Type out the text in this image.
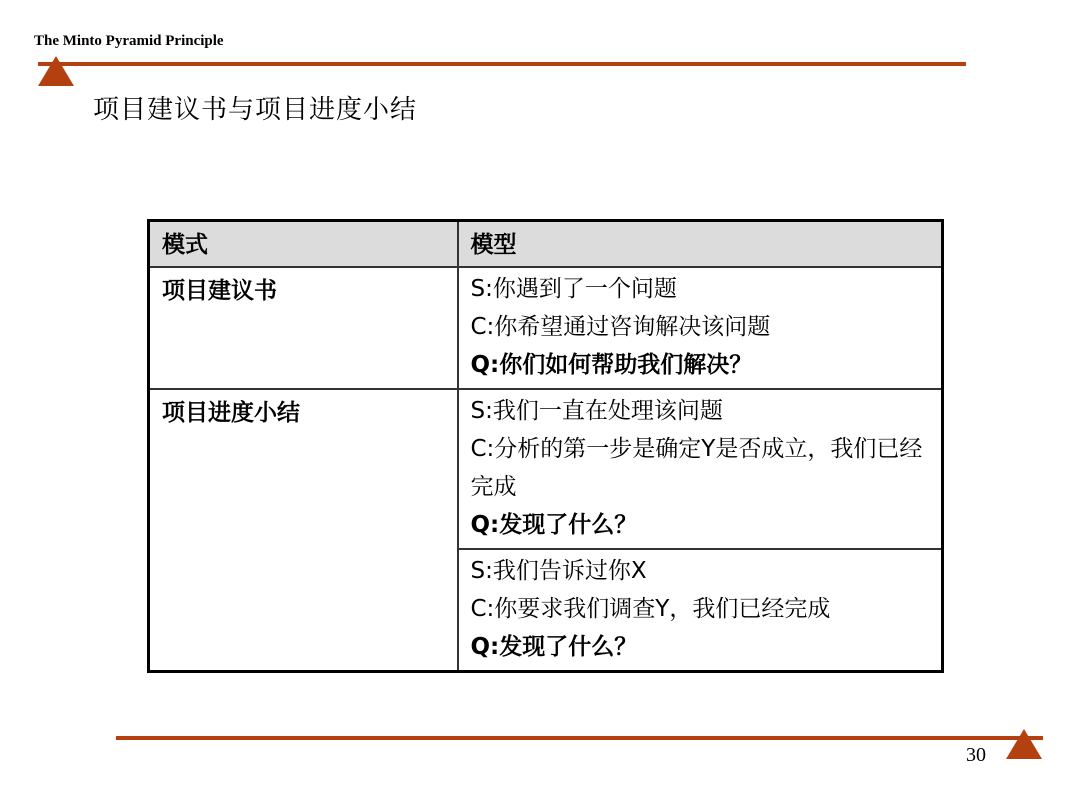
The Minto Pyramid Principle
项目建议书与项目进度小结
模式	模型
项目建议书	S:你遇到了一个问题
C:你希望通过咨询解决该问题
Q:你们如何帮助我们解决？

项目进度小结	S:我们一直在处理该问题
C:分析的第一步是确定Y是否成立，我们已经完成
Q:发现了什么？

	S:我们告诉过你X
C:你要求我们调查Y，我们已经完成
Q:发现了什么？
30
